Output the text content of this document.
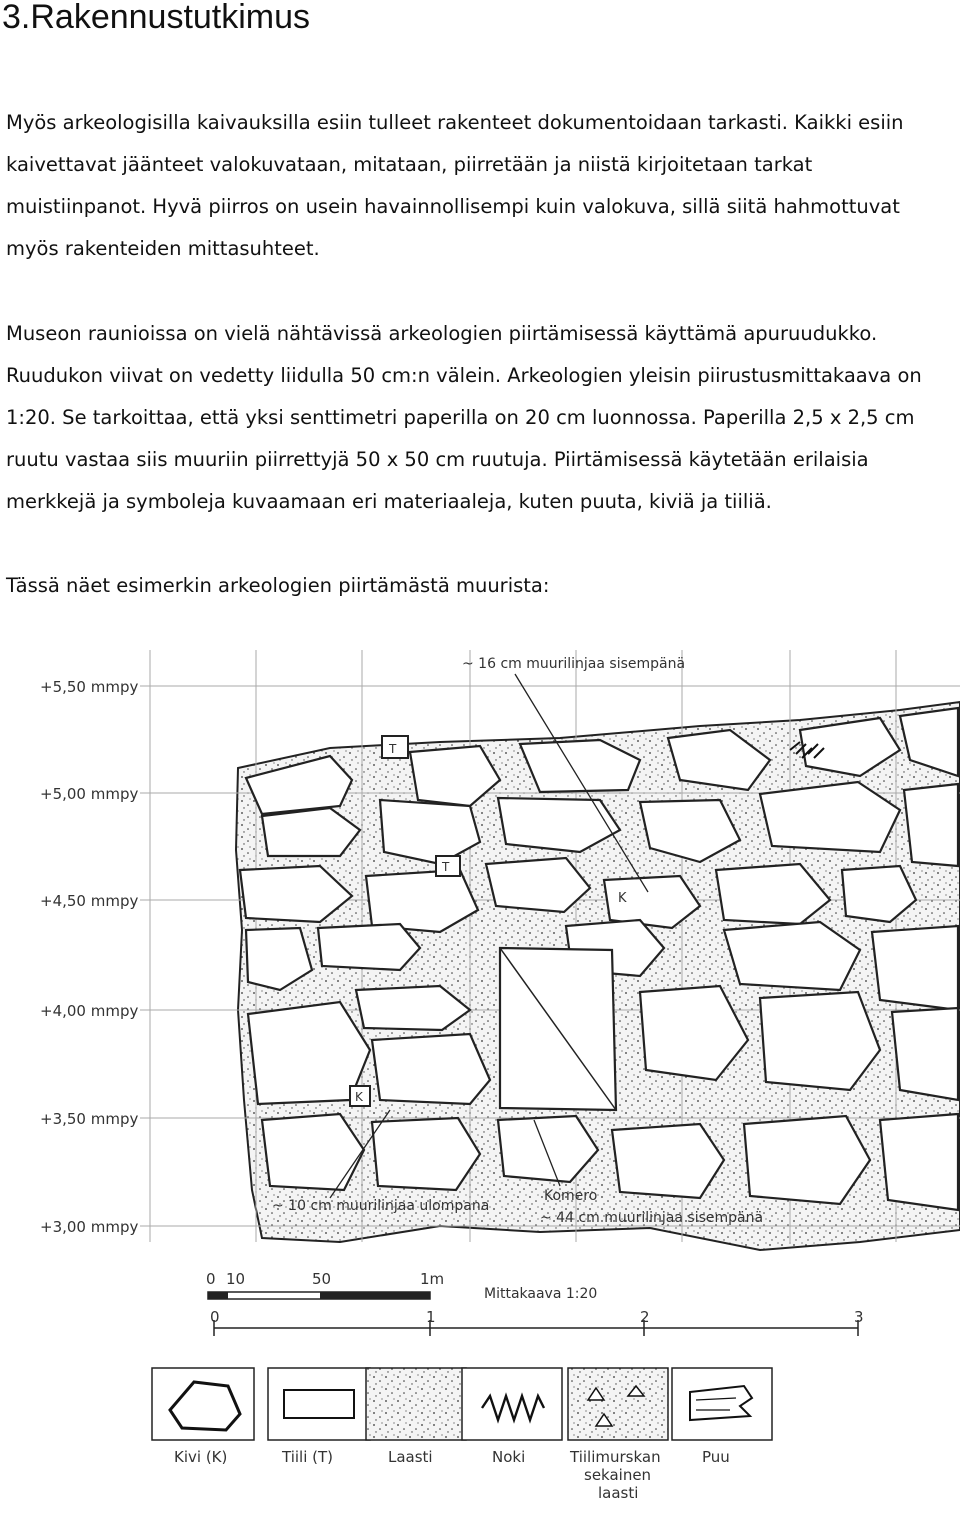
3.Rakennustutkimus

Myös arkeologisilla kaivauksilla esiin tulleet rakenteet dokumentoidaan tarkasti. Kaikki esiin kaivettavat jäänteet valokuvataan, mitataan, piirretään ja niistä kirjoitetaan tarkat muistiinpanot. Hyvä piirros on usein havainnollisempi kuin valokuva, sillä siitä hahmottuvat myös rakenteiden mittasuhteet.

Museon raunioissa on vielä nähtävissä arkeologien piirtämisessä käyttämä apuruudukko. Ruudukon viivat on vedetty liidulla 50 cm:n välein. Arkeologien yleisin piirustusmittakaava on 1:20. Se tarkoittaa, että yksi senttimetri paperilla on 20 cm luonnossa. Paperilla 2,5 x 2,5 cm ruutu vastaa siis muuriin piirrettyjä 50 x 50 cm ruutuja. Piirtämisessä käytetään erilaisia merkkejä ja symboleja kuvaamaan eri materiaaleja, kuten puuta, kiviä ja tiiliä.

Tässä näet esimerkin arkeologien piirtämästä muurista:

+5,50 mmpy
+5,00 mmpy
+4,50 mmpy
+4,00 mmpy
+3,50 mmpy
+3,00 mmpy
T
T
K
K
~ 16 cm muurilinjaa sisempänä
~ 10 cm muurilinjaa ulompana
Komero
~ 44 cm muurilinjaa sisempänä
0 10	50	1m
Mittakaava 1:20
0	1	2	3
Kivi (K)	Tiili (T)	Laasti	Noki	Tiilimurskan
sekainen
laasti
Puu
